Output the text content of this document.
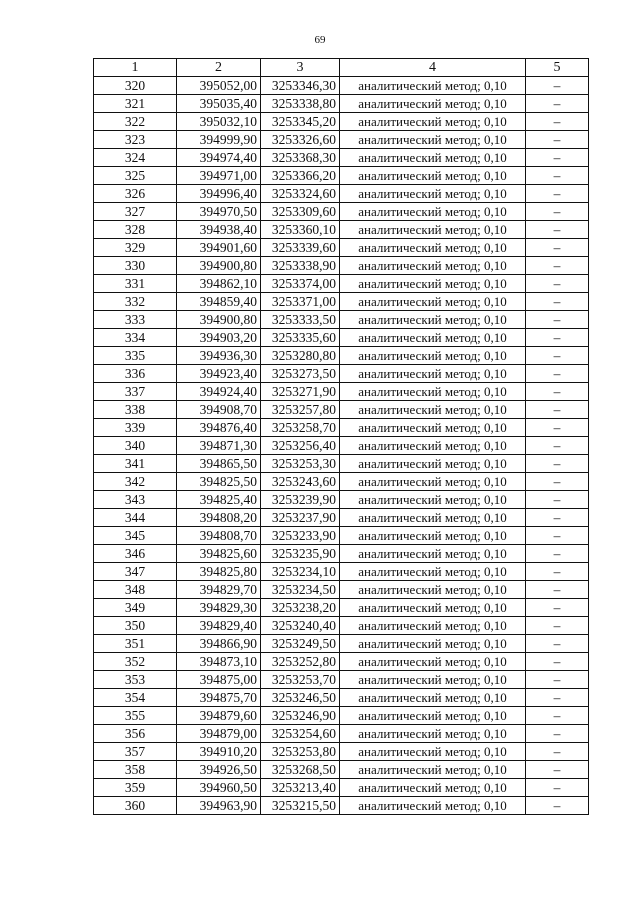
69
1	2	3	4	5
320	395052,00	3253346,30	аналитический метод; 0,10	–
321	395035,40	3253338,80	аналитический метод; 0,10	–
322	395032,10	3253345,20	аналитический метод; 0,10	–
323	394999,90	3253326,60	аналитический метод; 0,10	–
324	394974,40	3253368,30	аналитический метод; 0,10	–
325	394971,00	3253366,20	аналитический метод; 0,10	–
326	394996,40	3253324,60	аналитический метод; 0,10	–
327	394970,50	3253309,60	аналитический метод; 0,10	–
328	394938,40	3253360,10	аналитический метод; 0,10	–
329	394901,60	3253339,60	аналитический метод; 0,10	–
330	394900,80	3253338,90	аналитический метод; 0,10	–
331	394862,10	3253374,00	аналитический метод; 0,10	–
332	394859,40	3253371,00	аналитический метод; 0,10	–
333	394900,80	3253333,50	аналитический метод; 0,10	–
334	394903,20	3253335,60	аналитический метод; 0,10	–
335	394936,30	3253280,80	аналитический метод; 0,10	–
336	394923,40	3253273,50	аналитический метод; 0,10	–
337	394924,40	3253271,90	аналитический метод; 0,10	–
338	394908,70	3253257,80	аналитический метод; 0,10	–
339	394876,40	3253258,70	аналитический метод; 0,10	–
340	394871,30	3253256,40	аналитический метод; 0,10	–
341	394865,50	3253253,30	аналитический метод; 0,10	–
342	394825,50	3253243,60	аналитический метод; 0,10	–
343	394825,40	3253239,90	аналитический метод; 0,10	–
344	394808,20	3253237,90	аналитический метод; 0,10	–
345	394808,70	3253233,90	аналитический метод; 0,10	–
346	394825,60	3253235,90	аналитический метод; 0,10	–
347	394825,80	3253234,10	аналитический метод; 0,10	–
348	394829,70	3253234,50	аналитический метод; 0,10	–
349	394829,30	3253238,20	аналитический метод; 0,10	–
350	394829,40	3253240,40	аналитический метод; 0,10	–
351	394866,90	3253249,50	аналитический метод; 0,10	–
352	394873,10	3253252,80	аналитический метод; 0,10	–
353	394875,00	3253253,70	аналитический метод; 0,10	–
354	394875,70	3253246,50	аналитический метод; 0,10	–
355	394879,60	3253246,90	аналитический метод; 0,10	–
356	394879,00	3253254,60	аналитический метод; 0,10	–
357	394910,20	3253253,80	аналитический метод; 0,10	–
358	394926,50	3253268,50	аналитический метод; 0,10	–
359	394960,50	3253213,40	аналитический метод; 0,10	–
360	394963,90	3253215,50	аналитический метод; 0,10	–
